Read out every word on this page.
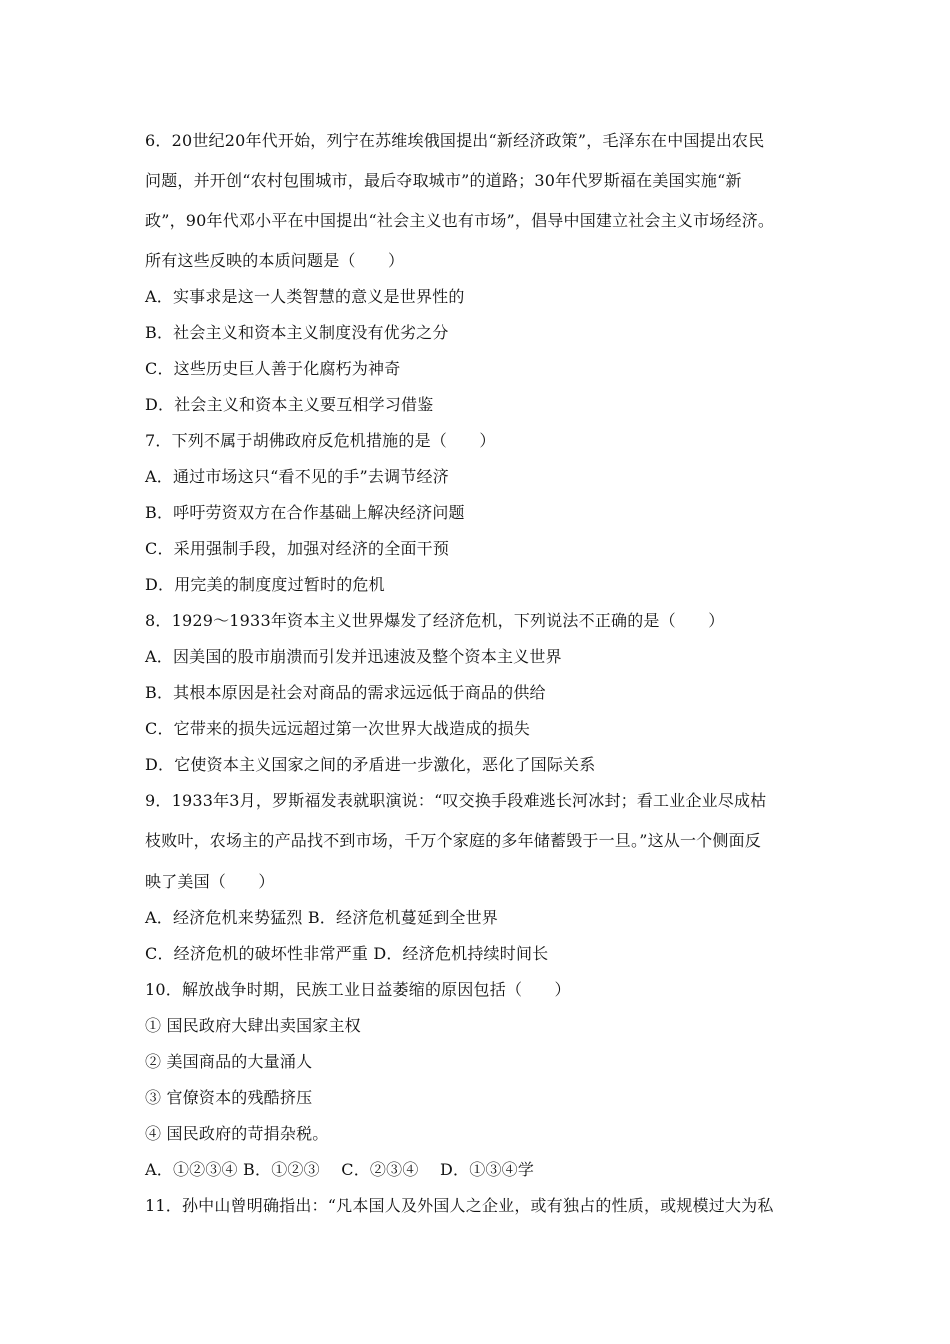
6．20世纪20年代开始，列宁在苏维埃俄国提出“新经济政策”，毛泽东在中国提出农民
问题，并开创“农村包围城市，最后夺取城市”的道路；30年代罗斯福在美国实施“新
政”，90年代邓小平在中国提出“社会主义也有市场”，倡导中国建立社会主义市场经济。
所有这些反映的本质问题是（　　）
A．实事求是这一人类智慧的意义是世界性的
B．社会主义和资本主义制度没有优劣之分
C．这些历史巨人善于化腐朽为神奇
D．社会主义和资本主义要互相学习借鉴
7．下列不属于胡佛政府反危机措施的是（　　）
A．通过市场这只“看不见的手”去调节经济
B．呼吁劳资双方在合作基础上解决经济问题
C．采用强制手段，加强对经济的全面干预
D．用完美的制度度过暂时的危机
8．1929～1933年资本主义世界爆发了经济危机，下列说法不正确的是（　　）
A．因美国的股市崩溃而引发并迅速波及整个资本主义世界
B．其根本原因是社会对商品的需求远远低于商品的供给
C．它带来的损失远远超过第一次世界大战造成的损失
D．它使资本主义国家之间的矛盾进一步激化，恶化了国际关系
9．1933年3月，罗斯福发表就职演说：“叹交换手段难逃长河冰封；看工业企业尽成枯
枝败叶，农场主的产品找不到市场，千万个家庭的多年储蓄毁于一旦。”这从一个侧面反
映了美国（　　）
A．经济危机来势猛烈 B．经济危机蔓延到全世界
C．经济危机的破坏性非常严重 D．经济危机持续时间长
10．解放战争时期，民族工业日益萎缩的原因包括（　　）
① 国民政府大肆出卖国家主权
② 美国商品的大量涌人
③ 官僚资本的残酷挤压
④ 国民政府的苛捐杂税。
A．①②③④ B．①②③　 C．②③④　 D．①③④学
11．孙中山曾明确指出：“凡本国人及外国人之企业，或有独占的性质，或规模过大为私
